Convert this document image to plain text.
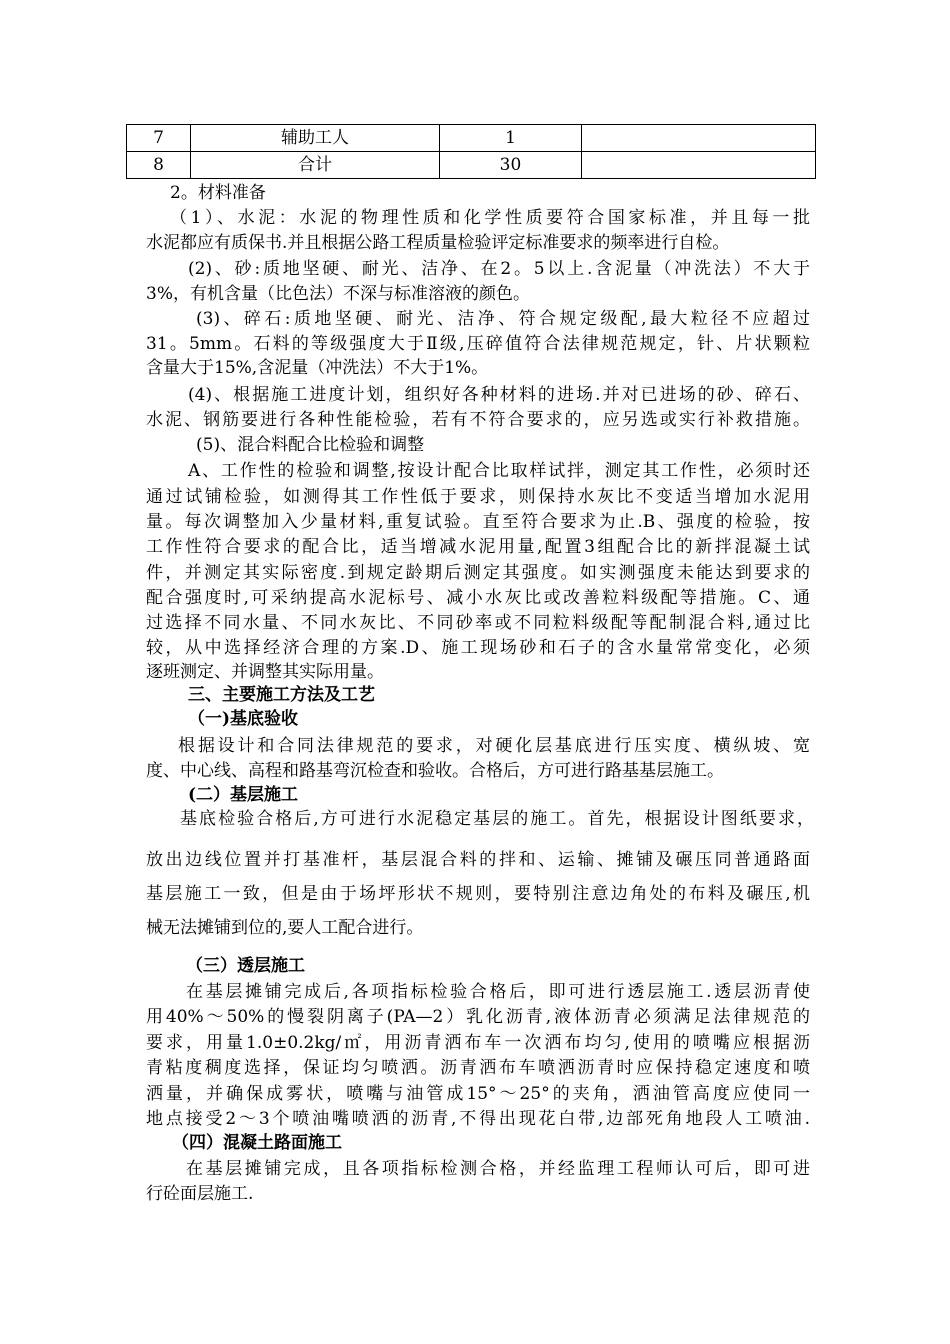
7	辅助工人	1	
8	合计	30	
2。材料准备
（1）、水泥：水泥的物理性质和化学性质要符合国家标准，并且每一批
水泥都应有质保书.并且根据公路工程质量检验评定标准要求的频率进行自检。
(2)、砂:质地坚硬、耐光、洁净、在2。5以上.含泥量（冲洗法）不大于
3%，有机含量（比色法）不深与标准溶液的颜色。
(3)、碎石:质地坚硬、耐光、洁净、符合规定级配,最大粒径不应超过
31。5mm。石料的等级强度大于Ⅱ级,压碎值符合法律规范规定，针、片状颗粒
含量大于15%,含泥量（冲洗法）不大于1%。
(4)、根据施工进度计划，组织好各种材料的进场.并对已进场的砂、碎石、
水泥、钢筋要进行各种性能检验，若有不符合要求的，应另选或实行补救措施。
(5)、混合料配合比检验和调整
A、工作性的检验和调整,按设计配合比取样试拌，测定其工作性，必须时还
通过试铺检验，如测得其工作性低于要求，则保持水灰比不变适当增加水泥用
量。每次调整加入少量材料,重复试验。直至符合要求为止.B、强度的检验，按
工作性符合要求的配合比，适当增减水泥用量,配置3组配合比的新拌混凝土试
件，并测定其实际密度.到规定龄期后测定其强度。如实测强度未能达到要求的
配合强度时,可采纳提高水泥标号、减小水灰比或改善粒料级配等措施。C、通
过选择不同水量、不同水灰比、不同砂率或不同粒料级配等配制混合料,通过比
较，从中选择经济合理的方案.D、施工现场砂和石子的含水量常常变化，必须
逐班测定、并调整其实际用量。
三、主要施工方法及工艺
（一)基底验收
根据设计和合同法律规范的要求，对硬化层基底进行压实度、横纵坡、宽
度、中心线、高程和路基弯沉检查和验收。合格后，方可进行路基基层施工。
(二）基层施工
基底检验合格后,方可进行水泥稳定基层的施工。首先，根据设计图纸要求，
放出边线位置并打基准杆，基层混合料的拌和、运输、摊铺及碾压同普通路面
基层施工一致，但是由于场坪形状不规则，要特别注意边角处的布料及碾压,机
械无法摊铺到位的,要人工配合进行。
（三）透层施工
在基层摊铺完成后,各项指标检验合格后，即可进行透层施工.透层沥青使
用40%～50%的慢裂阴离子(PA—2）乳化沥青,液体沥青必须满足法律规范的
要求，用量1.0±0.2kg/㎡，用沥青洒布车一次洒布均匀,使用的喷嘴应根据沥
青粘度稠度选择，保证均匀喷洒。沥青洒布车喷洒沥青时应保持稳定速度和喷
洒量，并确保成雾状，喷嘴与油管成15°～25°的夹角，洒油管高度应使同一
地点接受2～3个喷油嘴喷洒的沥青,不得出现花白带,边部死角地段人工喷油.
（四）混凝土路面施工
在基层摊铺完成，且各项指标检测合格，并经监理工程师认可后，即可进
行砼面层施工.
